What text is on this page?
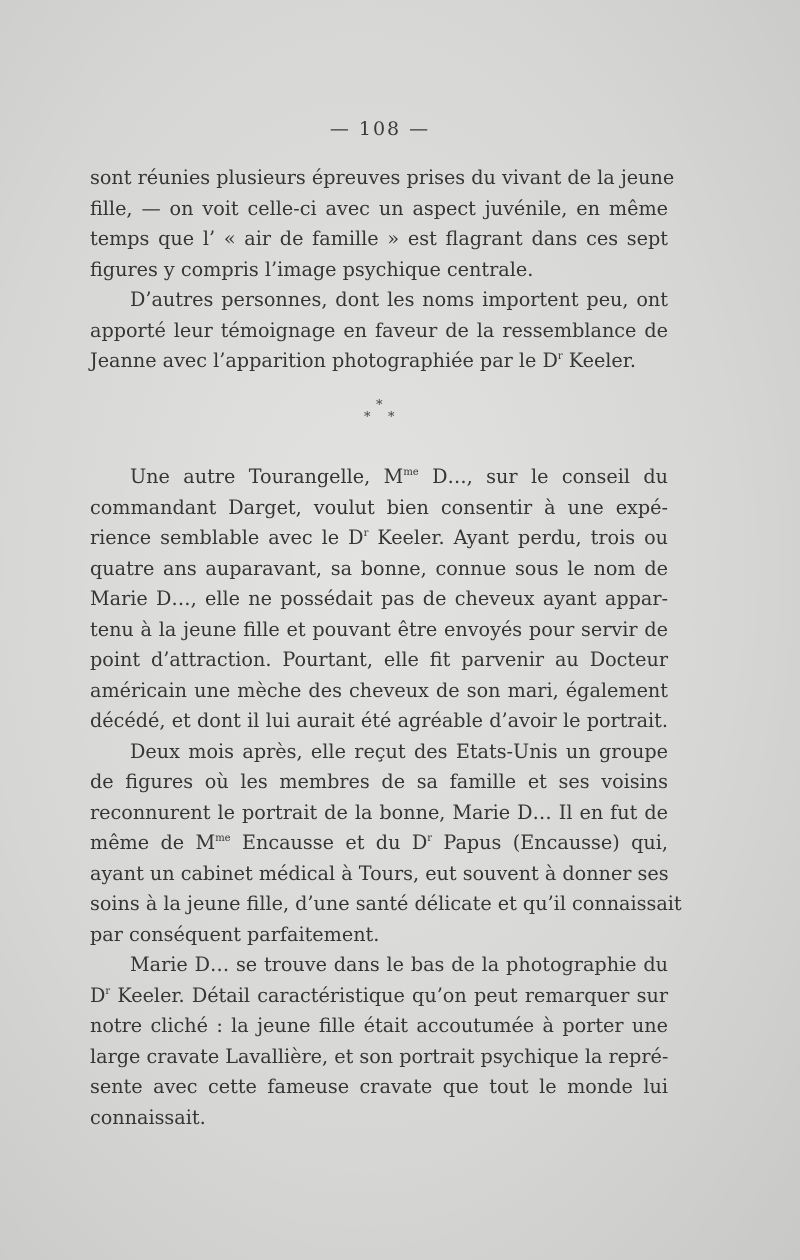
— 108 —
sont réunies plusieurs épreuves prises du vivant de la jeune
fille, — on voit celle-ci avec un aspect juvénile, en même
temps que l’ « air de famille » est flagrant dans ces sept
figures y compris l’image psychique centrale.
D’autres personnes, dont les noms importent peu, ont
apporté leur témoignage en faveur de la ressemblance de
Jeanne avec l’apparition photographiée par le $D^r$ Keeler.
*
* *
Une autre Tourangelle, $M^{me}$ D…, sur le conseil du
commandant Darget, voulut bien consentir à une expé-
rience semblable avec le $D^r$ Keeler. Ayant perdu, trois ou
quatre ans auparavant, sa bonne, connue sous le nom de
Marie D…, elle ne possédait pas de cheveux ayant appar-
tenu à la jeune fille et pouvant être envoyés pour servir de
point d’attraction. Pourtant, elle fit parvenir au Docteur
américain une mèche des cheveux de son mari, également
décédé, et dont il lui aurait été agréable d’avoir le portrait.
Deux mois après, elle reçut des Etats-Unis un groupe
de figures où les membres de sa famille et ses voisins
reconnurent le portrait de la bonne, Marie D… Il en fut de
même de $M^{me}$ Encausse et du $D^r$ Papus (Encausse) qui,
ayant un cabinet médical à Tours, eut souvent à donner ses
soins à la jeune fille, d’une santé délicate et qu’il connaissait
par conséquent parfaitement.
Marie D… se trouve dans le bas de la photographie du
$D^r$ Keeler. Détail caractéristique qu’on peut remarquer sur
notre cliché : la jeune fille était accoutumée à porter une
large cravate Lavallière, et son portrait psychique la repré-
sente avec cette fameuse cravate que tout le monde lui
connaissait.
